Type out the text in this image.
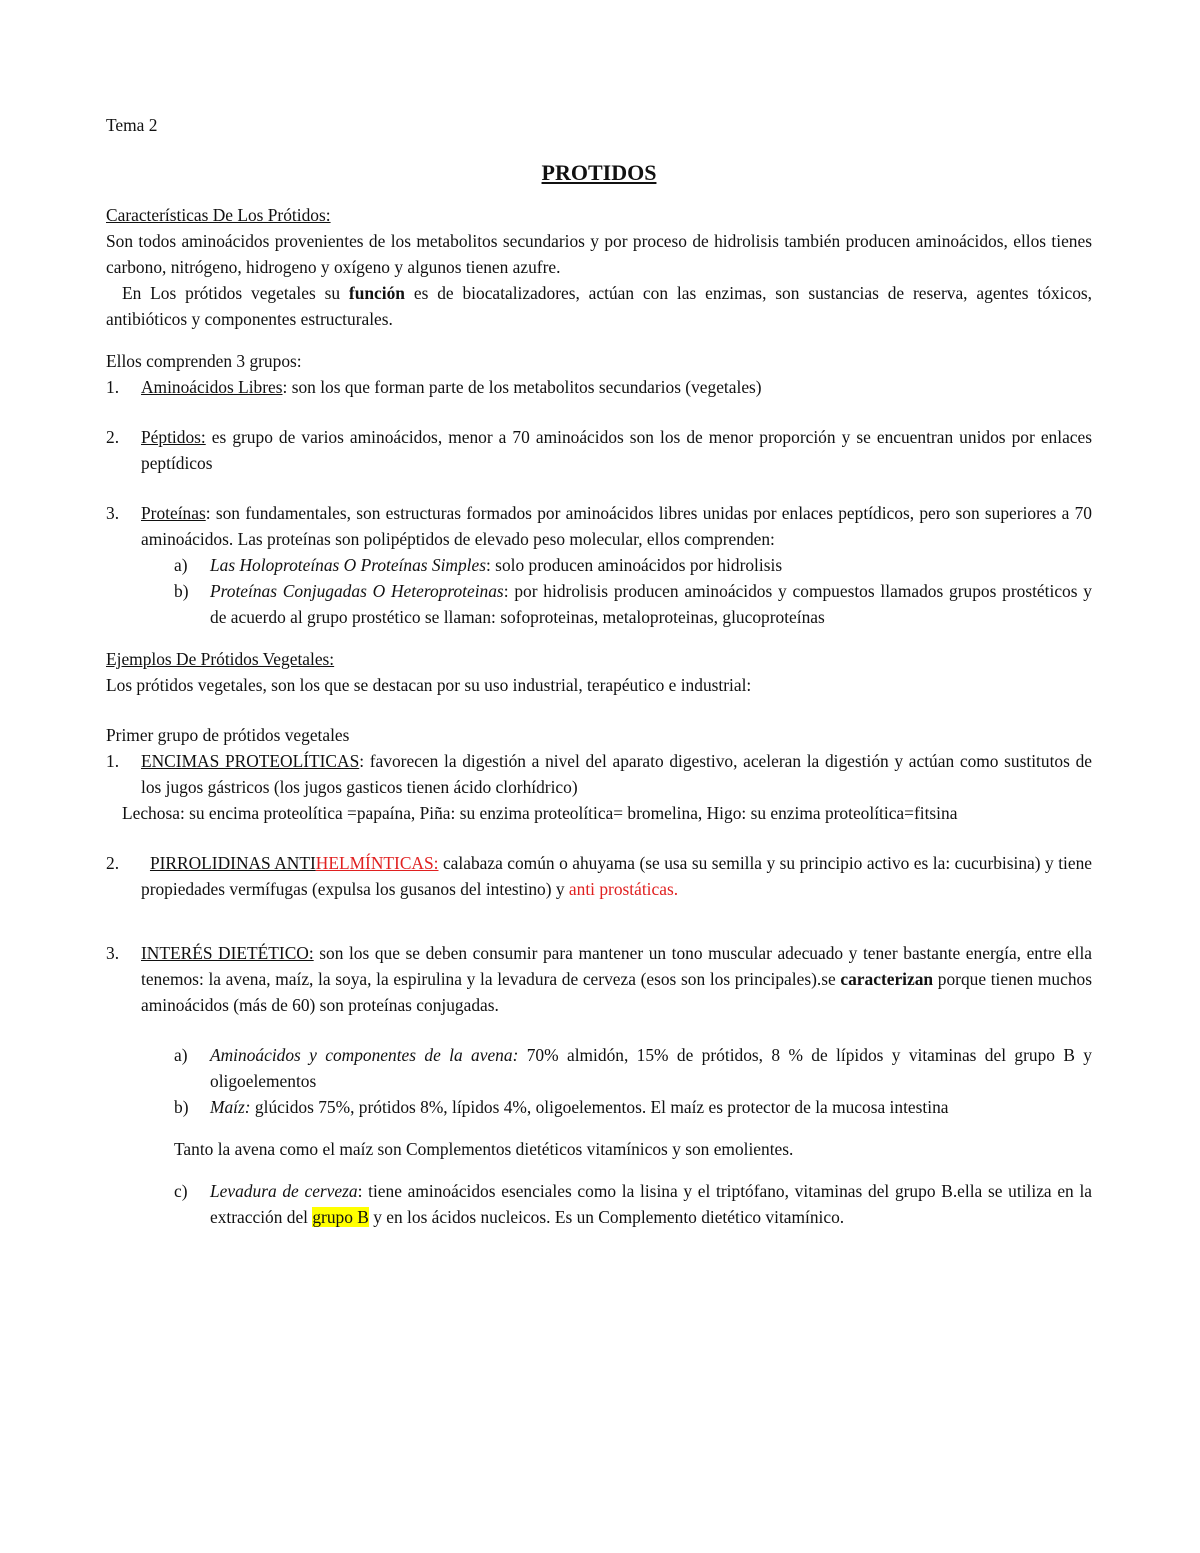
Tema 2

PROTIDOS

Características De Los Prótidos:

Son todos aminoácidos provenientes de los metabolitos secundarios y por proceso de hidrolisis también producen aminoácidos, ellos tienes carbono, nitrógeno, hidrogeno y oxígeno y algunos tienen azufre.

En Los prótidos vegetales su función es de biocatalizadores, actúan con las enzimas, son sustancias de reserva, agentes tóxicos, antibióticos y componentes estructurales.

Ellos comprenden 3 grupos:

1. Aminoácidos Libres: son los que forman parte de los metabolitos secundarios (vegetales)
2. Péptidos: es grupo de varios aminoácidos, menor a 70 aminoácidos son los de menor proporción y se encuentran unidos por enlaces peptídicos
3. Proteínas: son fundamentales, son estructuras formados por aminoácidos libres unidas por enlaces peptídicos, pero son superiores a 70 aminoácidos. Las proteínas son polipéptidos de elevado peso molecular, ellos comprenden:
a) Las Holoproteínas O Proteínas Simples: solo producen aminoácidos por hidrolisis
b) Proteínas Conjugadas O Heteroproteinas: por hidrolisis producen aminoácidos y compuestos llamados grupos prostéticos y de acuerdo al grupo prostético se llaman: sofoproteinas, metaloproteinas, glucoproteínas

Ejemplos De Prótidos Vegetales:

Los prótidos vegetales, son los que se destacan por su uso industrial, terapéutico e industrial:

Primer grupo de prótidos vegetales

1. ENCIMAS PROTEOLÍTICAS: favorecen la digestión a nivel del aparato digestivo, aceleran la digestión y actúan como sustitutos de los jugos gástricos (los jugos gasticos tienen ácido clorhídrico)

Lechosa: su encima proteolítica =papaína, Piña: su enzima proteolítica= bromelina, Higo: su enzima proteolítica=fitsina

2. PIRROLIDINAS ANTIHELMÍNTICAS: calabaza común o ahuyama (se usa su semilla y su principio activo es la: cucurbisina) y tiene propiedades vermífugas (expulsa los gusanos del intestino) y anti prostáticas.
3. INTERÉS DIETÉTICO: son los que se deben consumir para mantener un tono muscular adecuado y tener bastante energía, entre ella tenemos: la avena, maíz, la soya, la espirulina y la levadura de cerveza (esos son los principales).se caracterizan porque tienen muchos aminoácidos (más de 60) son proteínas conjugadas.
a) Aminoácidos y componentes de la avena: 70% almidón, 15% de prótidos, 8 % de lípidos y vitaminas del grupo B y oligoelementos
b) Maíz: glúcidos 75%, prótidos 8%, lípidos 4%, oligoelementos. El maíz es protector de la mucosa intestina

Tanto la avena como el maíz son Complementos dietéticos vitamínicos y son emolientes.

c) Levadura de cerveza: tiene aminoácidos esenciales como la lisina y el triptófano, vitaminas del grupo B.ella se utiliza en la extracción del grupo B y en los ácidos nucleicos. Es un Complemento dietético vitamínico.
